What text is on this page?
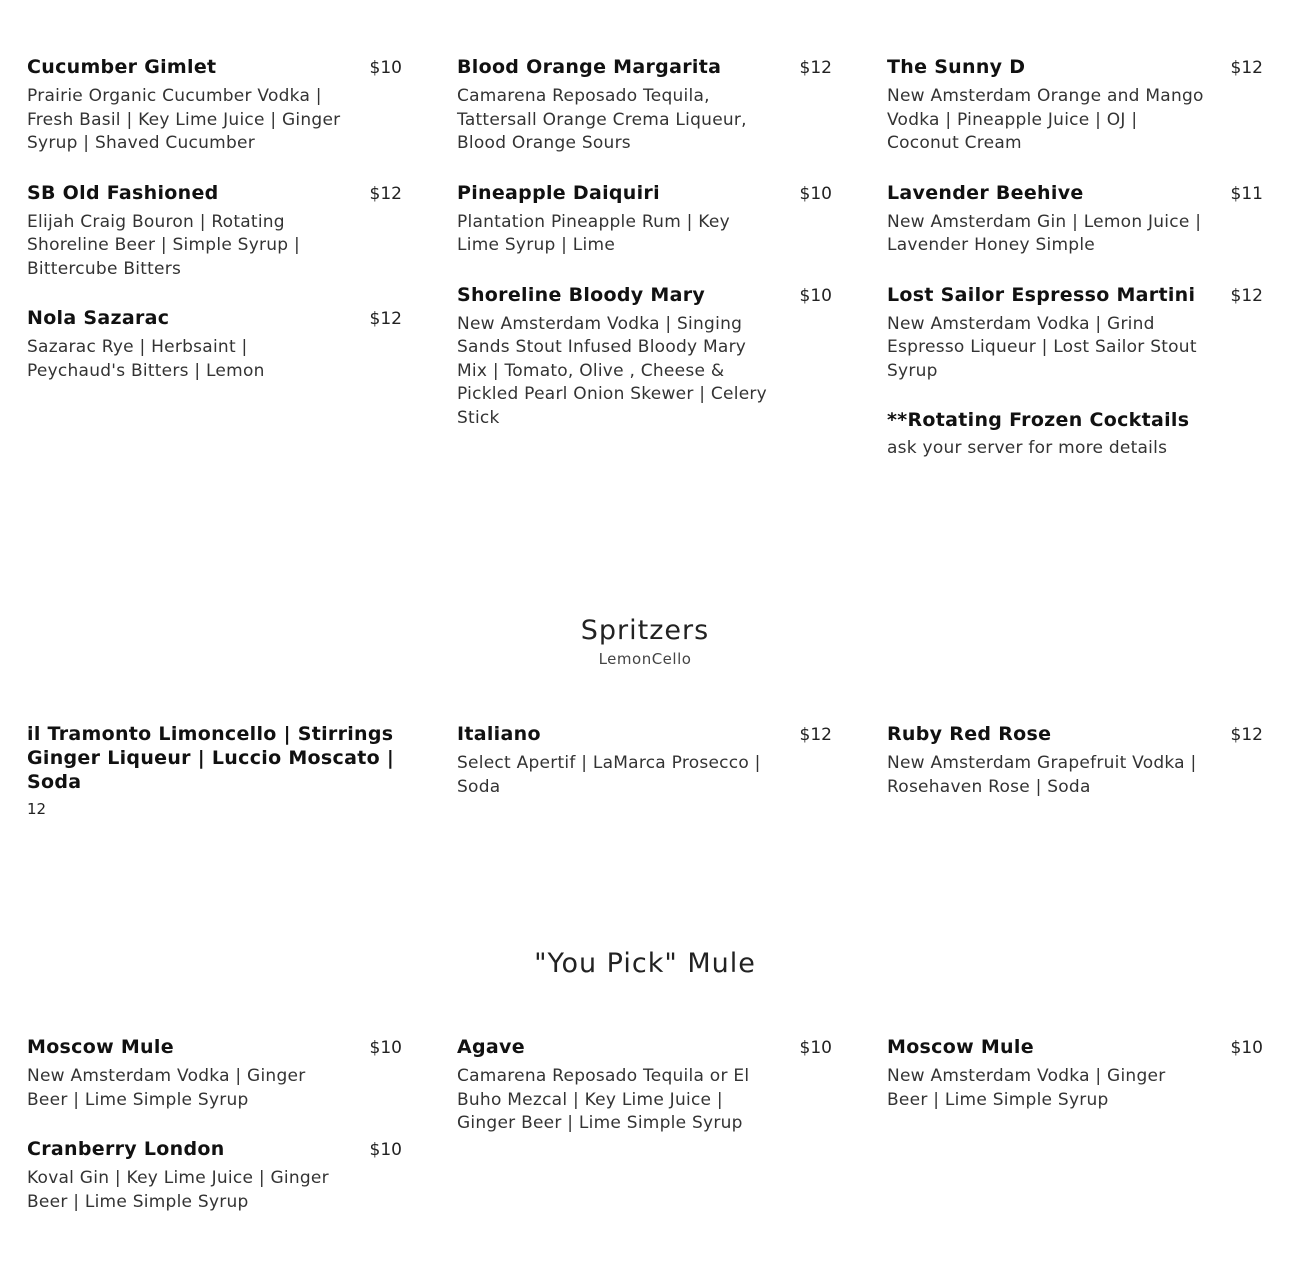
Cucumber Gimlet	$10
Prairie Organic Cucumber Vodka | Fresh Basil | Key Lime Juice | Ginger Syrup | Shaved Cucumber
SB Old Fashioned	$12
Elijah Craig Bouron | Rotating Shoreline Beer | Simple Syrup | Bittercube Bitters
Nola Sazarac	$12
Sazarac Rye | Herbsaint | Peychaud's Bitters | Lemon
Blood Orange Margarita	$12
Camarena Reposado Tequila, Tattersall Orange Crema Liqueur, Blood Orange Sours
Pineapple Daiquiri	$10
Plantation Pineapple Rum | Key Lime Syrup | Lime
Shoreline Bloody Mary	$10
New Amsterdam Vodka | Singing Sands Stout Infused Bloody Mary Mix | Tomato, Olive , Cheese & Pickled Pearl Onion Skewer | Celery Stick
The Sunny D	$12
New Amsterdam Orange and Mango Vodka | Pineapple Juice | OJ | Coconut Cream
Lavender Beehive	$11
New Amsterdam Gin | Lemon Juice | Lavender Honey Simple
Lost Sailor Espresso Martini	$12
New Amsterdam Vodka | Grind Espresso Liqueur | Lost Sailor Stout Syrup
**Rotating Frozen Cocktails
ask your server for more details
Spritzers
LemonCello
il Tramonto Limoncello | Stirrings Ginger Liqueur | Luccio Moscato | Soda
12
Italiano	$12
Select Apertif | LaMarca Prosecco | Soda
Ruby Red Rose	$12
New Amsterdam Grapefruit Vodka | Rosehaven Rose | Soda
"You Pick" Mule
Moscow Mule	$10
New Amsterdam Vodka | Ginger Beer | Lime Simple Syrup
Cranberry London	$10
Koval Gin | Key Lime Juice | Ginger Beer | Lime Simple Syrup
Agave	$10
Camarena Reposado Tequila or El Buho Mezcal | Key Lime Juice | Ginger Beer | Lime Simple Syrup
Moscow Mule	$10
New Amsterdam Vodka | Ginger Beer | Lime Simple Syrup
